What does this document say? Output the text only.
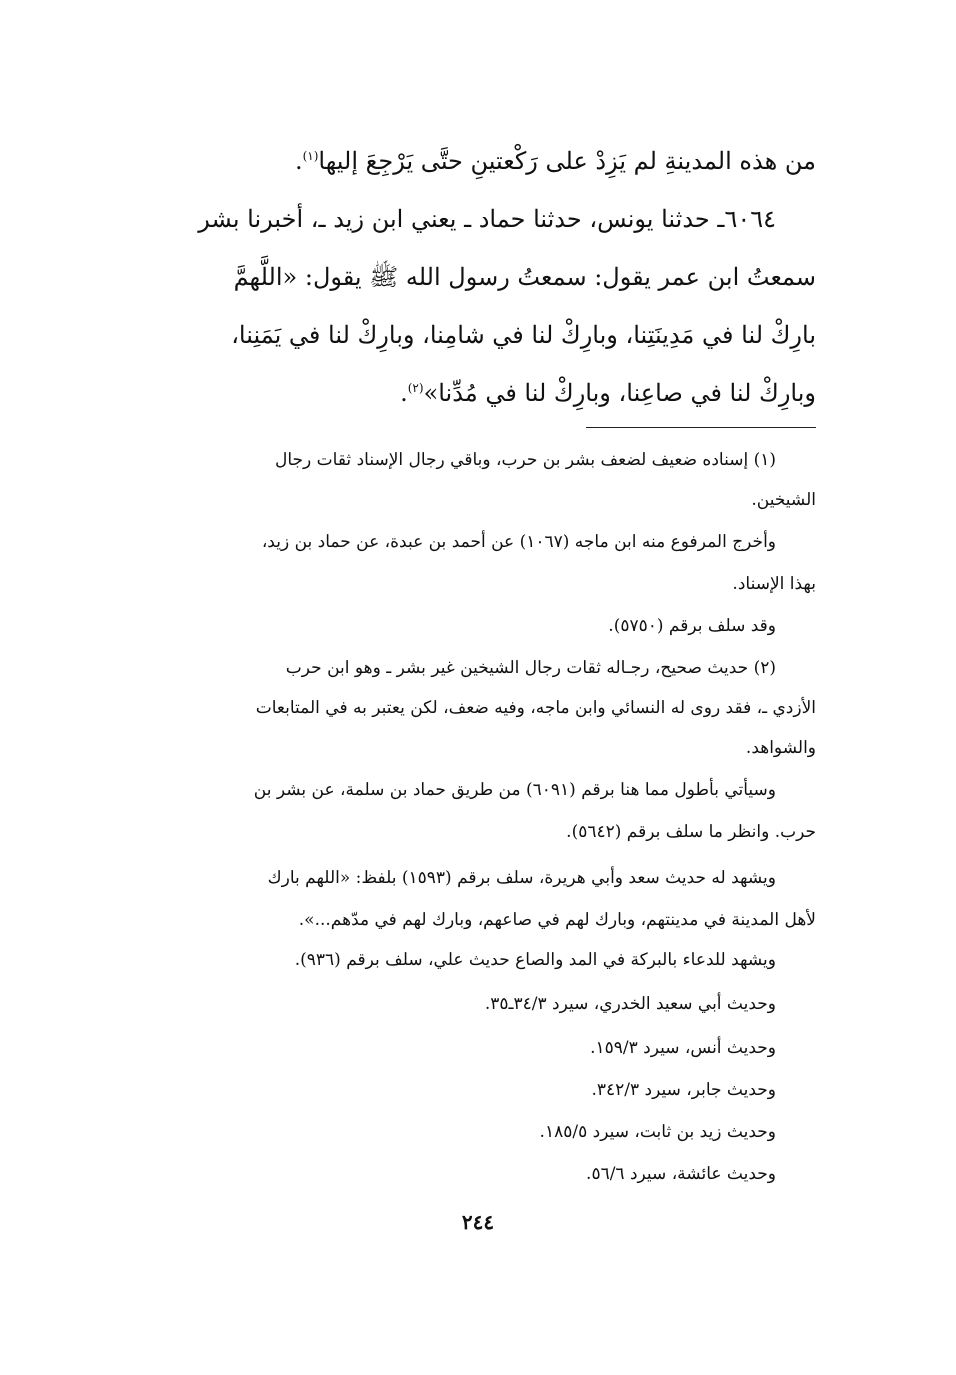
من هذه المدينةِ لم يَزِدْ على رَكْعتينِ حتَّى يَرْجِعَ إليها$^{(١)}$.
٦٠٦٤ـ حدثنا يونس، حدثنا حماد ـ يعني ابن زيد ـ، أخبرنا بشر
سمعتُ ابن عمر يقول: سمعتُ رسول الله ﷺ يقول: «اللَّهمَّ
بارِكْ لنا في مَدِينَتِنا، وبارِكْ لنا في شامِنا، وبارِكْ لنا في يَمَنِنا،
وبارِكْ لنا في صاعِنا، وبارِكْ لنا في مُدِّنا»$^{(٢)}$.
(١) إسناده ضعيف لضعف بشر بن حرب، وباقي رجال الإسناد ثقات رجال
الشيخين.
وأخرج المرفوع منه ابن ماجه (١٠٦٧) عن أحمد بن عبدة، عن حماد بن زيد،
بهذا الإسناد.
وقد سلف برقم (٥٧٥٠).
(٢) حديث صحيح، رجـاله ثقات رجال الشيخين غير بشر ـ وهو ابن حرب
الأزدي ـ، فقد روى له النسائي وابن ماجه، وفيه ضعف، لكن يعتبر به في المتابعات
والشواهد.
وسيأتي بأطول مما هنا برقم (٦٠٩١) من طريق حماد بن سلمة، عن بشر بن
حرب. وانظر ما سلف برقم (٥٦٤٢).
ويشهد له حديث سعد وأبي هريرة، سلف برقم (١٥٩٣) بلفظ: «اللهم بارك
لأهل المدينة في مدينتهم، وبارك لهم في صاعهم، وبارك لهم في مدّهم...».
ويشهد للدعاء بالبركة في المد والصاع حديث علي، سلف برقم (٩٣٦).
وحديث أبي سعيد الخدري، سيرد ٣٤/٣ـ٣٥.
وحديث أنس، سيرد ١٥٩/٣.
وحديث جابر، سيرد ٣٤٢/٣.
وحديث زيد بن ثابت، سيرد ١٨٥/٥.
وحديث عائشة، سيرد ٥٦/٦.
٢٤٤
